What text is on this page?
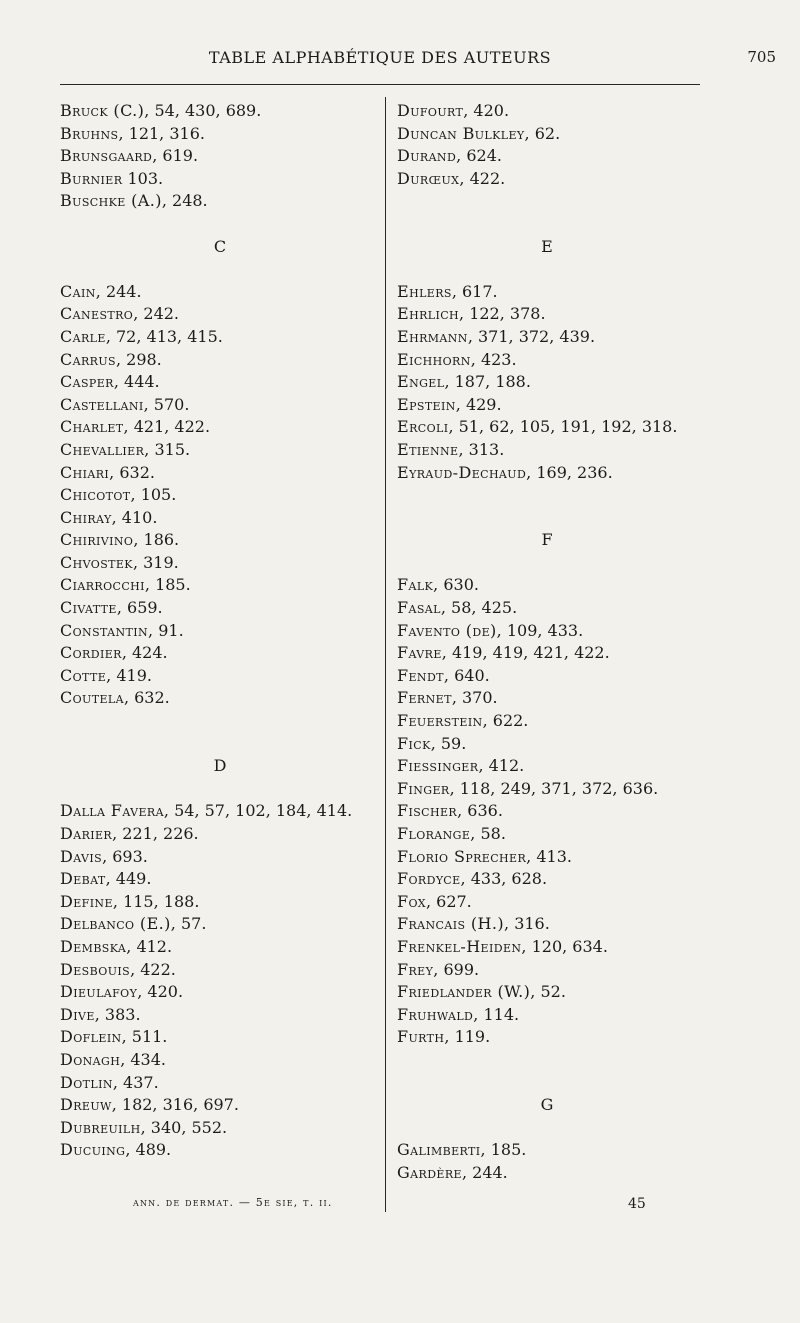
TABLE ALPHABÉTIQUE DES AUTEURS	705
Bruck (C.), 54, 430, 689.
Bruhns, 121, 316.
Brunsgaard, 619.
Burnier 103.
Buschke (A.), 248.
C
Cain, 244.
Canestro, 242.
Carle, 72, 413, 415.
Carrus, 298.
Casper, 444.
Castellani, 570.
Charlet, 421, 422.
Chevallier, 315.
Chiari, 632.
Chicotot, 105.
Chiray, 410.
Chirivino, 186.
Chvostek, 319.
Ciarrocchi, 185.
Civatte, 659.
Constantin, 91.
Cordier, 424.
Cotte, 419.
Coutela, 632.
D
Dalla Favera, 54, 57, 102, 184, 414.
Darier, 221, 226.
Davis, 693.
Debat, 449.
Define, 115, 188.
Delbanco (E.), 57.
Dembska, 412.
Desbouis, 422.
Dieulafoy, 420.
Dive, 383.
Doflein, 511.
Donagh, 434.
Dotlin, 437.
Dreuw, 182, 316, 697.
Dubreuilh, 340, 552.
Ducuing, 489.
Dufourt, 420.
Duncan Bulkley, 62.
Durand, 624.
Durœux, 422.
E
Ehlers, 617.
Ehrlich, 122, 378.
Ehrmann, 371, 372, 439.
Eichhorn, 423.
Engel, 187, 188.
Epstein, 429.
Ercoli, 51, 62, 105, 191, 192, 318.
Etienne, 313.
Eyraud-Dechaud, 169, 236.
F
Falk, 630.
Fasal, 58, 425.
Favento (de), 109, 433.
Favre, 419, 419, 421, 422.
Fendt, 640.
Fernet, 370.
Feuerstein, 622.
Fick, 59.
Fiessinger, 412.
Finger, 118, 249, 371, 372, 636.
Fischer, 636.
Florange, 58.
Florio Sprecher, 413.
Fordyce, 433, 628.
Fox, 627.
Francais (H.), 316.
Frenkel-Heiden, 120, 634.
Frey, 699.
Friedlander (W.), 52.
Fruhwald, 114.
Furth, 119.
G
Galimberti, 185.
Gardère, 244.
ann. de dermat. — 5e sie, t. ii.	45
